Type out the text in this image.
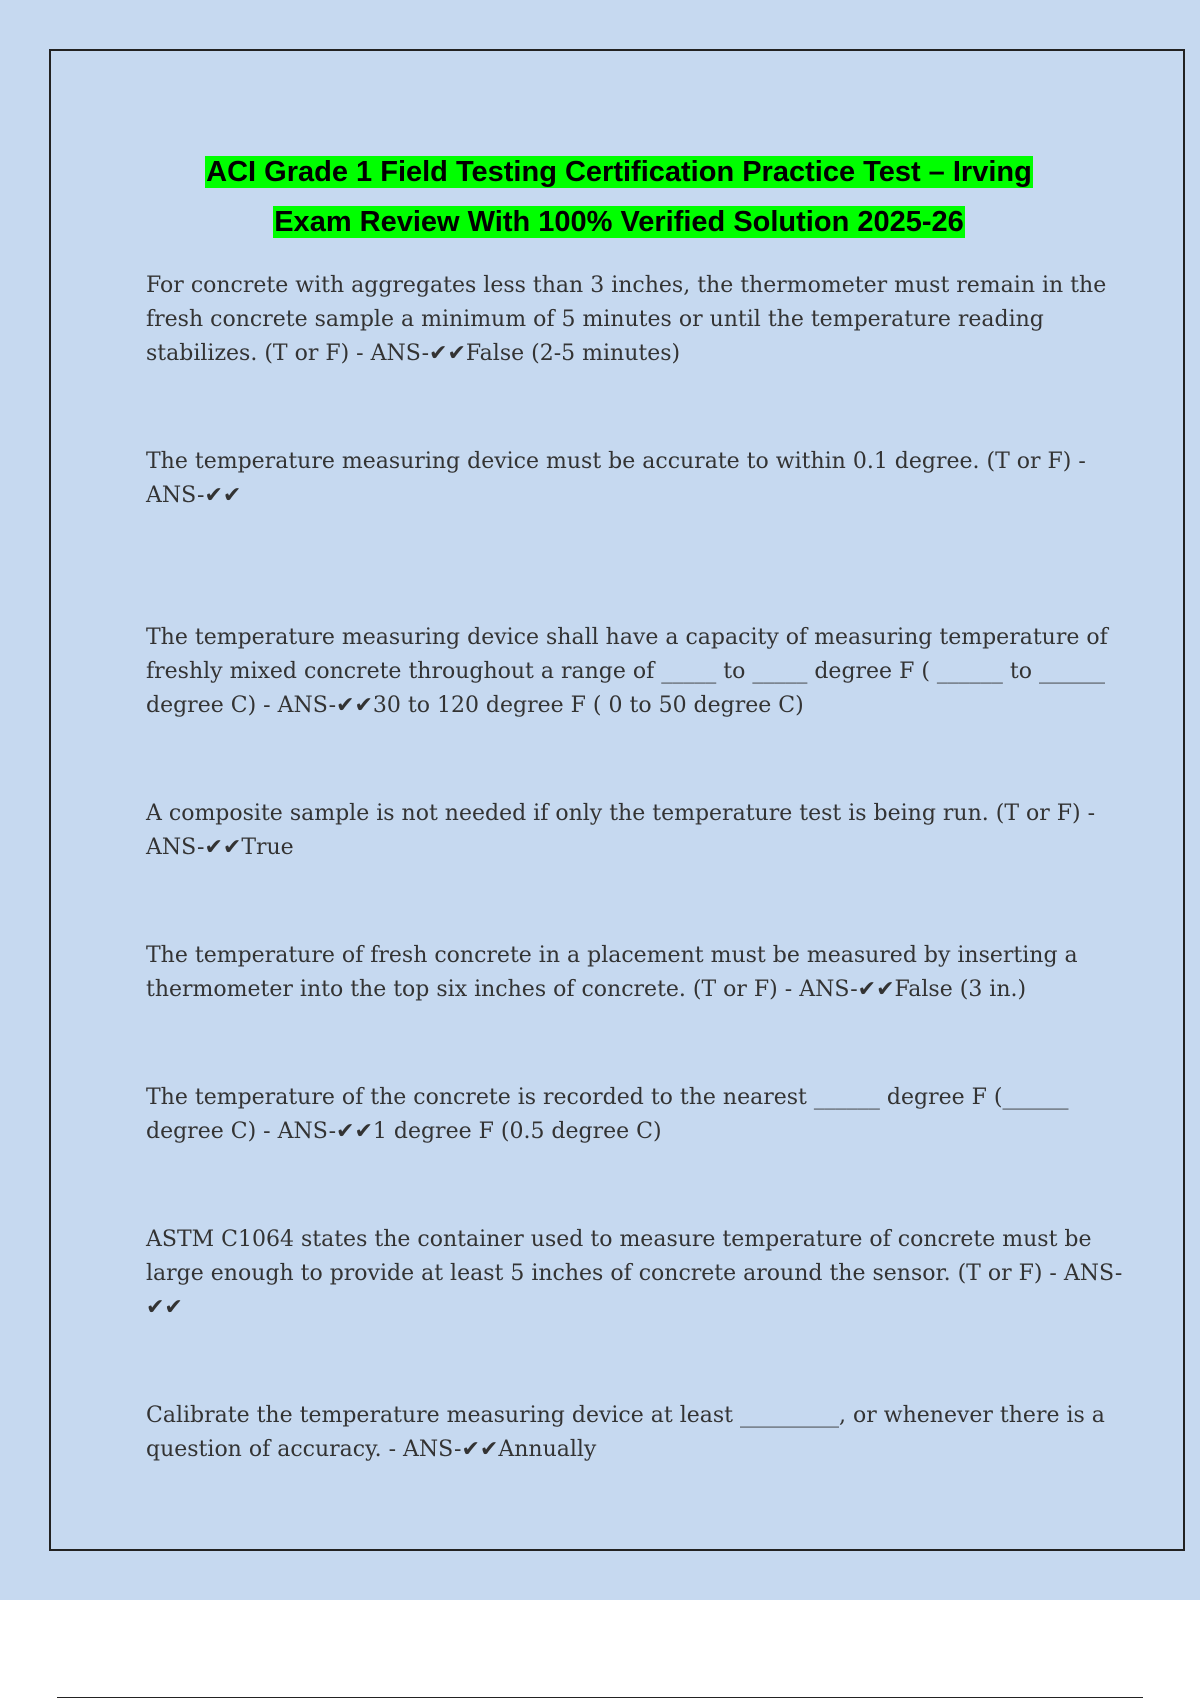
ACI Grade 1 Field Testing Certification Practice Test – Irving
Exam Review With 100% Verified Solution 2025-26

For concrete with aggregates less than 3 inches, the thermometer must remain in the fresh concrete sample a minimum of 5 minutes or until the temperature reading stabilizes. (T or F) - ANS-✔✔False (2-5 minutes)

The temperature measuring device must be accurate to within 0.1 degree. (T or F) - ANS-✔✔

The temperature measuring device shall have a capacity of measuring temperature of freshly mixed concrete throughout a range of _____ to _____ degree F ( ______ to ______ degree C) - ANS-✔✔30 to 120 degree F ( 0 to 50 degree C)

A composite sample is not needed if only the temperature test is being run. (T or F) - ANS-✔✔True

The temperature of fresh concrete in a placement must be measured by inserting a thermometer into the top six inches of concrete. (T or F) - ANS-✔✔False (3 in.)

The temperature of the concrete is recorded to the nearest ______ degree F (______ degree C) - ANS-✔✔1 degree F (0.5 degree C)

ASTM C1064 states the container used to measure temperature of concrete must be large enough to provide at least 5 inches of concrete around the sensor. (T or F) - ANS-✔✔

Calibrate the temperature measuring device at least _________, or whenever there is a question of accuracy. - ANS-✔✔Annually
